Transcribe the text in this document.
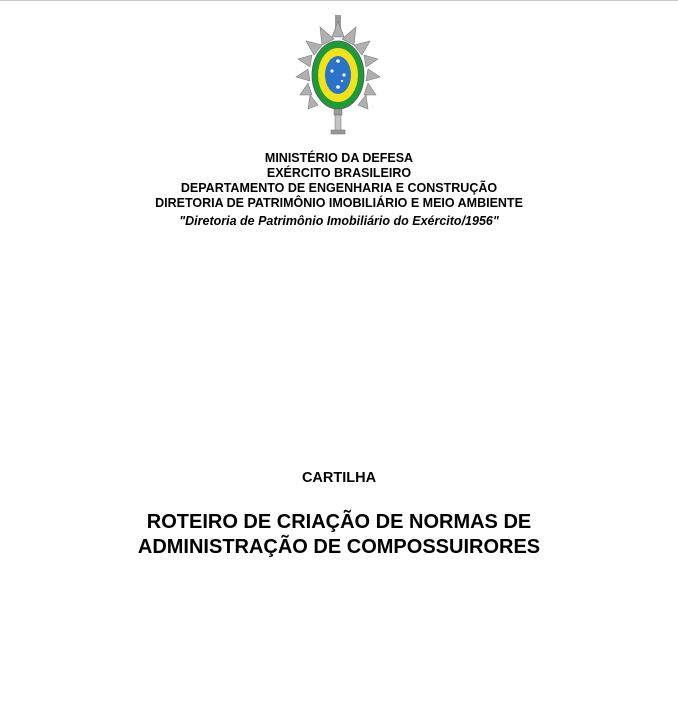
MINISTÉRIO DA DEFESA
EXÉRCITO BRASILEIRO
DEPARTAMENTO DE ENGENHARIA E CONSTRUÇÃO
DIRETORIA DE PATRIMÔNIO IMOBILIÁRIO E MEIO AMBIENTE
"Diretoria de Patrimônio Imobiliário do Exército/1956"
CARTILHA
ROTEIRO DE CRIAÇÃO DE NORMAS DE
ADMINISTRAÇÃO DE COMPOSSUIRORES
